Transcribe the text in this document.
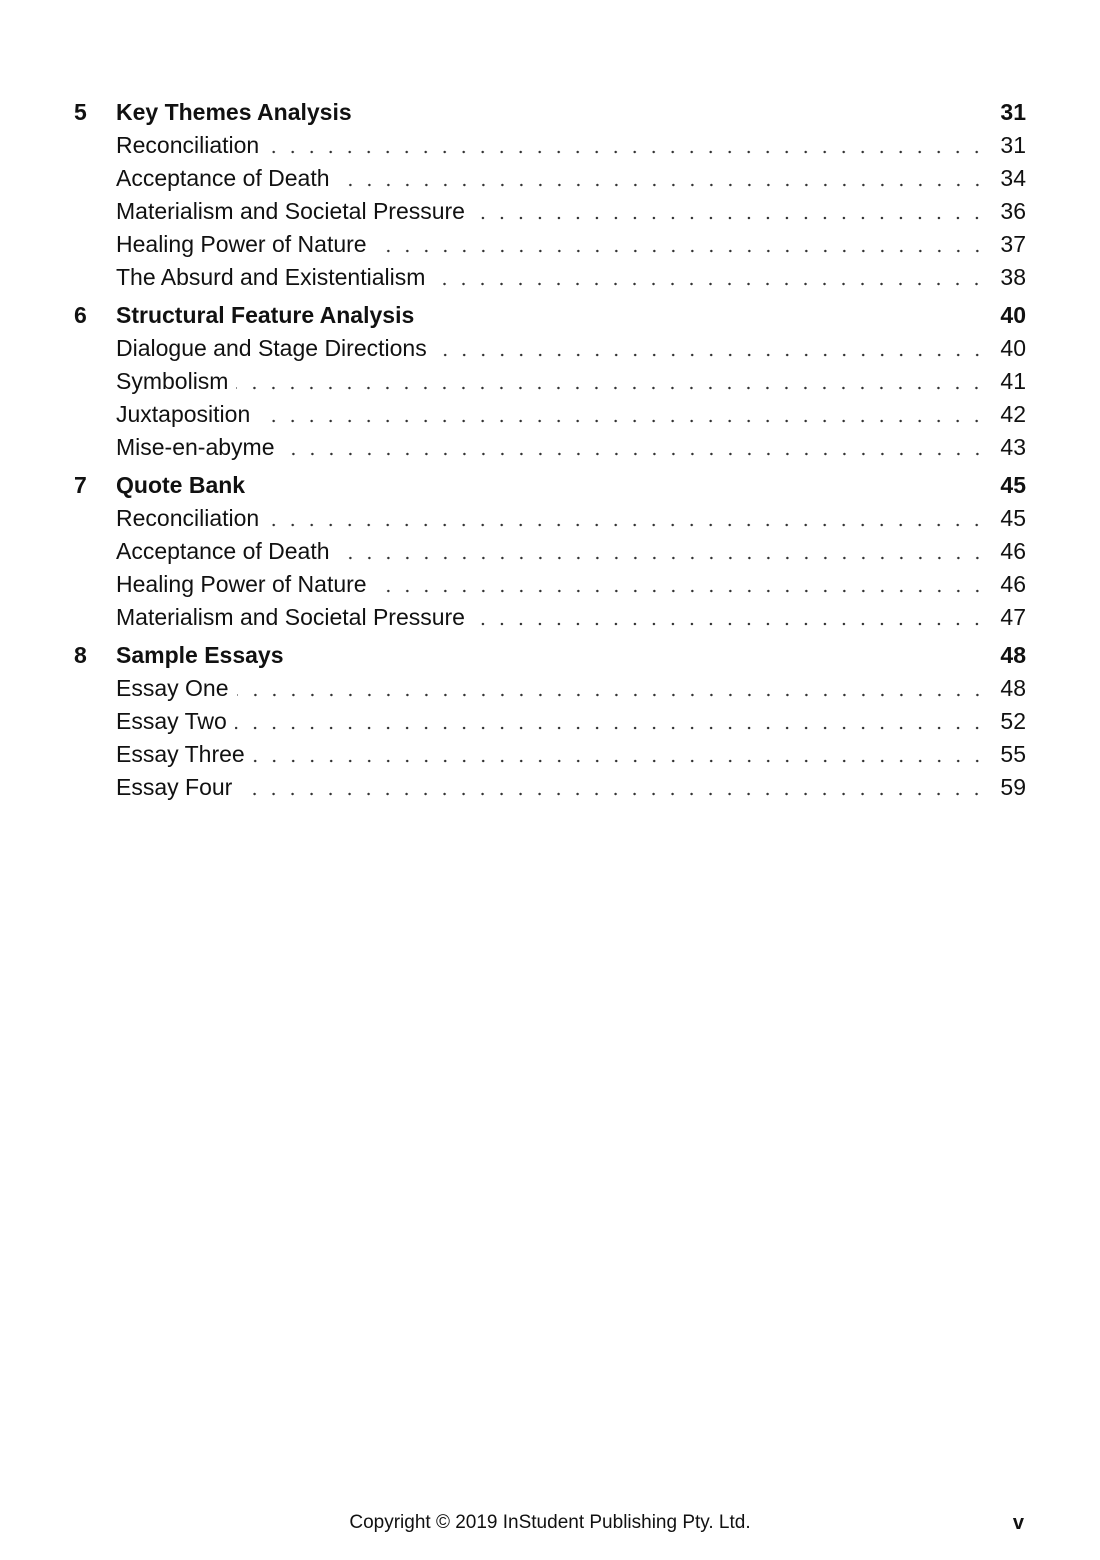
5	Key Themes Analysis	31
Reconciliation	31
Acceptance of Death	34
Materialism and Societal Pressure	36
Healing Power of Nature	37
The Absurd and Existentialism	38
6	Structural Feature Analysis	40
Dialogue and Stage Directions	40
Symbolism	41
Juxtaposition	42
Mise-en-abyme	43
7	Quote Bank	45
Reconciliation	45
Acceptance of Death	46
Healing Power of Nature	46
Materialism and Societal Pressure	47
8	Sample Essays	48
Essay One	48
Essay Two	52
Essay Three	55
Essay Four	59
Copyright © 2019 InStudent Publishing Pty. Ltd.	v
